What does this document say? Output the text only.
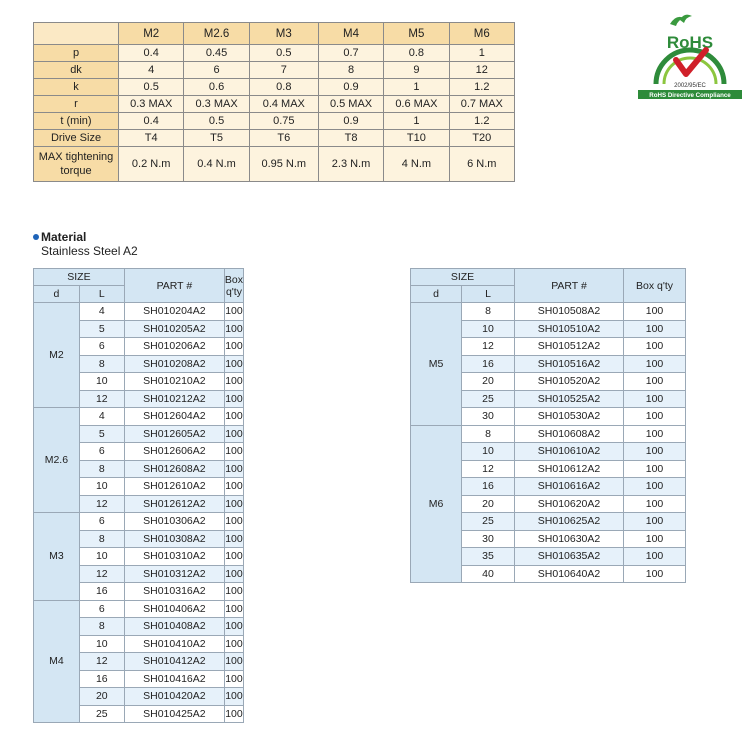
	M2	M2.6	M3	M4	M5	M6
p	0.4	0.45	0.5	0.7	0.8	1
dk	4	6	7	8	9	12
k	0.5	0.6	0.8	0.9	1	1.2
r	0.3 MAX	0.3 MAX	0.4 MAX	0.5 MAX	0.6 MAX	0.7 MAX
t (min)	0.4	0.5	0.75	0.9	1	1.2
Drive Size	T4	T5	T6	T8	T10	T20
MAX tightening torque	0.2 N.m	0.4 N.m	0.95 N.m	2.3 N.m	4 N.m	6 N.m
Material
Stainless Steel A2
SIZE		PART #	Box q'ty
d	L		
M2	4	SH010204A2	100
	5	SH010205A2	100
	6	SH010206A2	100
	8	SH010208A2	100
	10	SH010210A2	100
	12	SH010212A2	100
M2.6	4	SH012604A2	100
	5	SH012605A2	100
	6	SH012606A2	100
	8	SH012608A2	100
	10	SH012610A2	100
	12	SH012612A2	100
M3	6	SH010306A2	100
	8	SH010308A2	100
	10	SH010310A2	100
	12	SH010312A2	100
	16	SH010316A2	100
M4	6	SH010406A2	100
	8	SH010408A2	100
	10	SH010410A2	100
	12	SH010412A2	100
	16	SH010416A2	100
	20	SH010420A2	100
	25	SH010425A2	100
SIZE		PART #	Box q'ty
d	L		
M5	8	SH010508A2	100
	10	SH010510A2	100
	12	SH010512A2	100
	16	SH010516A2	100
	20	SH010520A2	100
	25	SH010525A2	100
	30	SH010530A2	100
M6	8	SH010608A2	100
	10	SH010610A2	100
	12	SH010612A2	100
	16	SH010616A2	100
	20	SH010620A2	100
	25	SH010625A2	100
	30	SH010630A2	100
	35	SH010635A2	100
	40	SH010640A2	100
RoHS
2002/95/EC
RoHS Directive Compliance
